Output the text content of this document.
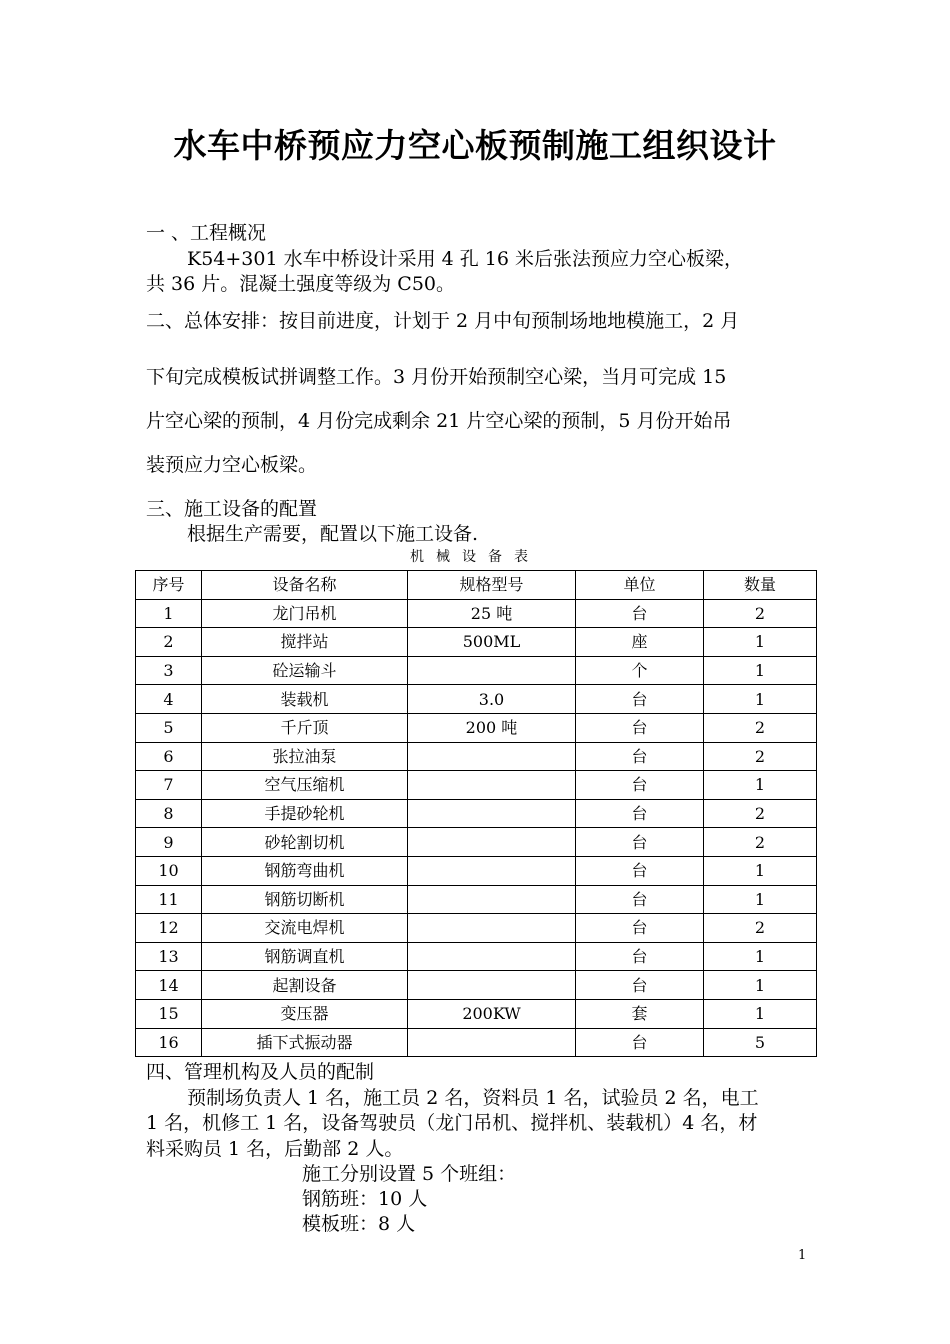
水车中桥预应力空心板预制施工组织设计
一 、工程概况
K54+301 水车中桥设计采用 4 孔 16 米后张法预应力空心板梁，
共 36 片。混凝土强度等级为 C50。
二、总体安排：按目前进度，计划于 2 月中旬预制场地地模施工，2 月
下旬完成模板试拼调整工作。3 月份开始预制空心梁，当月可完成 15
片空心梁的预制，4 月份完成剩余 21 片空心梁的预制，5 月份开始吊
装预应力空心板梁。
三、施工设备的配置
根据生产需要，配置以下施工设备.
机械设备表
序号	设备名称	规格型号	单位	数量
1	龙门吊机	25 吨	台	2
2	搅拌站	500ML	座	1
3	砼运输斗		个	1
4	装载机	3.0	台	1
5	千斤顶	200 吨	台	2
6	张拉油泵		台	2
7	空气压缩机		台	1
8	手提砂轮机		台	2
9	砂轮割切机		台	2
10	钢筋弯曲机		台	1
11	钢筋切断机		台	1
12	交流电焊机		台	2
13	钢筋调直机		台	1
14	起割设备		台	1
15	变压器	200KW	套	1
16	插下式振动器		台	5
四、管理机构及人员的配制
预制场负责人 1 名，施工员 2 名，资料员 1 名，试验员 2 名，电工
1 名，机修工 1 名，设备驾驶员（龙门吊机、搅拌机、装载机）4 名，材
料采购员 1 名，后勤部 2 人。
施工分别设置 5 个班组：
钢筋班：10 人
模板班：8 人
1
